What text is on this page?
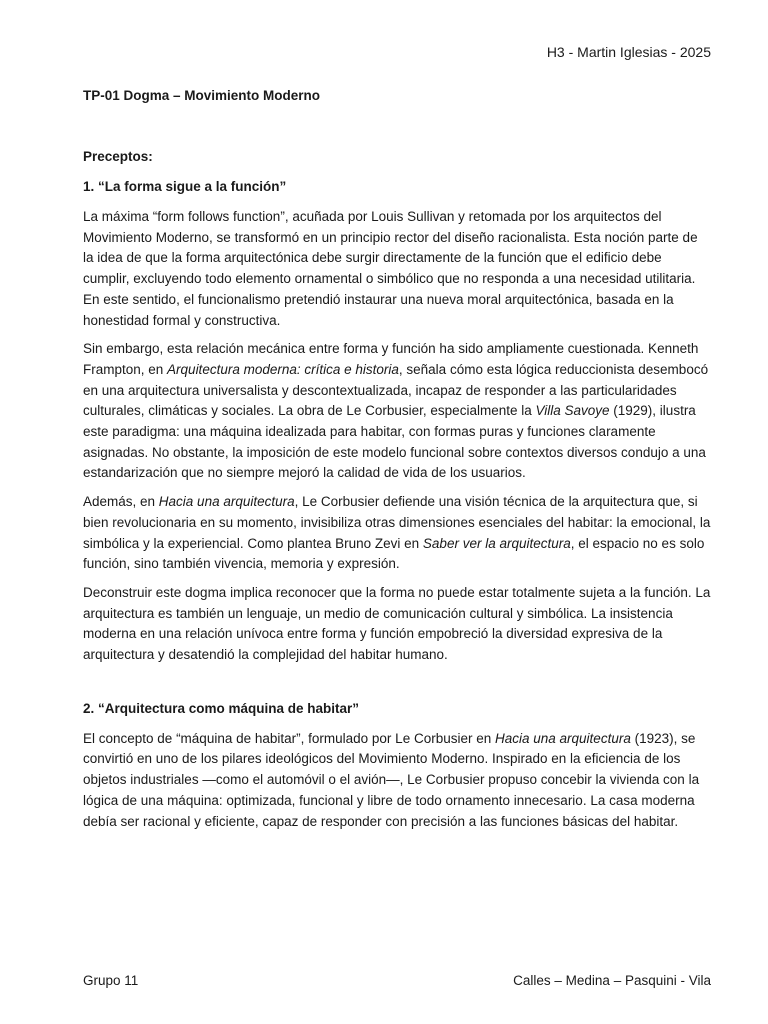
H3 - Martin Iglesias - 2025

TP-01 Dogma – Movimiento Moderno

Preceptos:

1. “La forma sigue a la función”

La máxima “form follows function”, acuñada por Louis Sullivan y retomada por los arquitectos del Movimiento Moderno, se transformó en un principio rector del diseño racionalista. Esta noción parte de la idea de que la forma arquitectónica debe surgir directamente de la función que el edificio debe cumplir, excluyendo todo elemento ornamental o simbólico que no responda a una necesidad utilitaria. En este sentido, el funcionalismo pretendió instaurar una nueva moral arquitectónica, basada en la honestidad formal y constructiva.

Sin embargo, esta relación mecánica entre forma y función ha sido ampliamente cuestionada. Kenneth Frampton, en Arquitectura moderna: crítica e historia, señala cómo esta lógica reduccionista desembocó en una arquitectura universalista y descontextualizada, incapaz de responder a las particularidades culturales, climáticas y sociales. La obra de Le Corbusier, especialmente la Villa Savoye (1929), ilustra este paradigma: una máquina idealizada para habitar, con formas puras y funciones claramente asignadas. No obstante, la imposición de este modelo funcional sobre contextos diversos condujo a una estandarización que no siempre mejoró la calidad de vida de los usuarios.

Además, en Hacia una arquitectura, Le Corbusier defiende una visión técnica de la arquitectura que, si bien revolucionaria en su momento, invisibiliza otras dimensiones esenciales del habitar: la emocional, la simbólica y la experiencial. Como plantea Bruno Zevi en Saber ver la arquitectura, el espacio no es solo función, sino también vivencia, memoria y expresión.

Deconstruir este dogma implica reconocer que la forma no puede estar totalmente sujeta a la función. La arquitectura es también un lenguaje, un medio de comunicación cultural y simbólica. La insistencia moderna en una relación unívoca entre forma y función empobreció la diversidad expresiva de la arquitectura y desatendió la complejidad del habitar humano.

2. “Arquitectura como máquina de habitar”

El concepto de “máquina de habitar”, formulado por Le Corbusier en Hacia una arquitectura (1923), se convirtió en uno de los pilares ideológicos del Movimiento Moderno. Inspirado en la eficiencia de los objetos industriales —como el automóvil o el avión—, Le Corbusier propuso concebir la vivienda con la lógica de una máquina: optimizada, funcional y libre de todo ornamento innecesario. La casa moderna debía ser racional y eficiente, capaz de responder con precisión a las funciones básicas del habitar.

Grupo 11	Calles – Medina – Pasquini - Vila
